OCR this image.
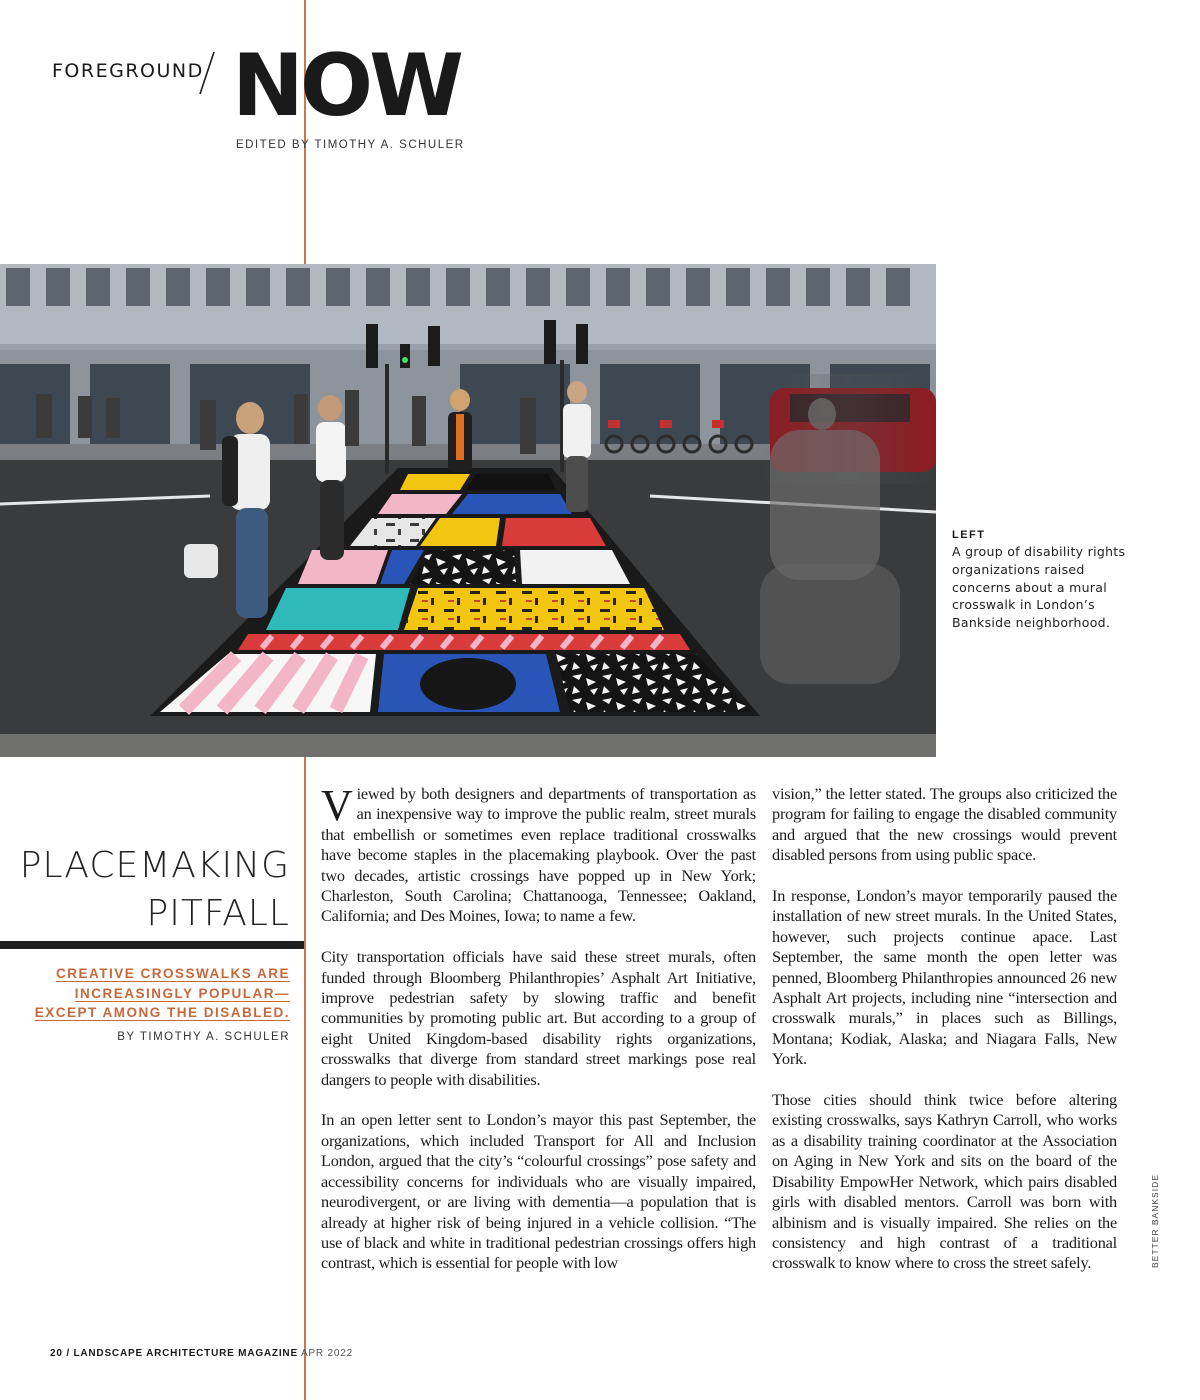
FOREGROUND NOW
EDITED BY TIMOTHY A. SCHULER
LEFT
A group of disability rights organizations raised concerns about a mural crosswalk in London’s Bankside neighborhood.
PLACEMAKING
PITFALL
CREATIVE CROSSWALKS ARE
INCREASINGLY POPULAR—
EXCEPT AMONG THE DISABLED.
BY TIMOTHY A. SCHULER

Viewed by both designers and departments of transportation as an inexpensive way to improve the public realm, street murals that embellish or sometimes even replace traditional crosswalks have become staples in the placemaking playbook. Over the past two decades, artistic crossings have popped up in New York; Charleston, South Carolina; Chattanooga, Tennessee; Oakland, California; and Des Moines, Iowa; to name a few.

City transportation officials have said these street murals, often funded through Bloomberg Philanthropies’ Asphalt Art Initiative, improve pedestrian safety by slowing traffic and benefit communities by promoting public art. But according to a group of eight United Kingdom-based disability rights organizations, crosswalks that diverge from standard street markings pose real dangers to people with disabilities.

In an open letter sent to London’s mayor this past September, the organizations, which included Transport for All and Inclusion London, argued that the city’s “colourful crossings” pose safety and accessibility concerns for individuals who are visually impaired, neurodivergent, or are living with dementia—a population that is already at higher risk of being injured in a vehicle collision. “The use of black and white in traditional pedestrian crossings offers high contrast, which is essential for people with low

vision,” the letter stated. The groups also criticized the program for failing to engage the disabled community and argued that the new crossings would prevent disabled persons from using public space.

In response, London’s mayor temporarily paused the installation of new street murals. In the United States, however, such projects continue apace. Last September, the same month the open letter was penned, Bloomberg Philanthropies announced 26 new Asphalt Art projects, including nine “intersection and crosswalk murals,” in places such as Billings, Montana; Kodiak, Alaska; and Niagara Falls, New York.

Those cities should think twice before altering existing crosswalks, says Kathryn Carroll, who works as a disability training coordinator at the Association on Aging in New York and sits on the board of the Disability EmpowHer Network, which pairs disabled girls with disabled mentors. Carroll was born with albinism and is visually impaired. She relies on the consistency and high contrast of a traditional crosswalk to know where to cross the street safely.	BETTER BANKSIDE
20 / LANDSCAPE ARCHITECTURE MAGAZINE APR 2022
